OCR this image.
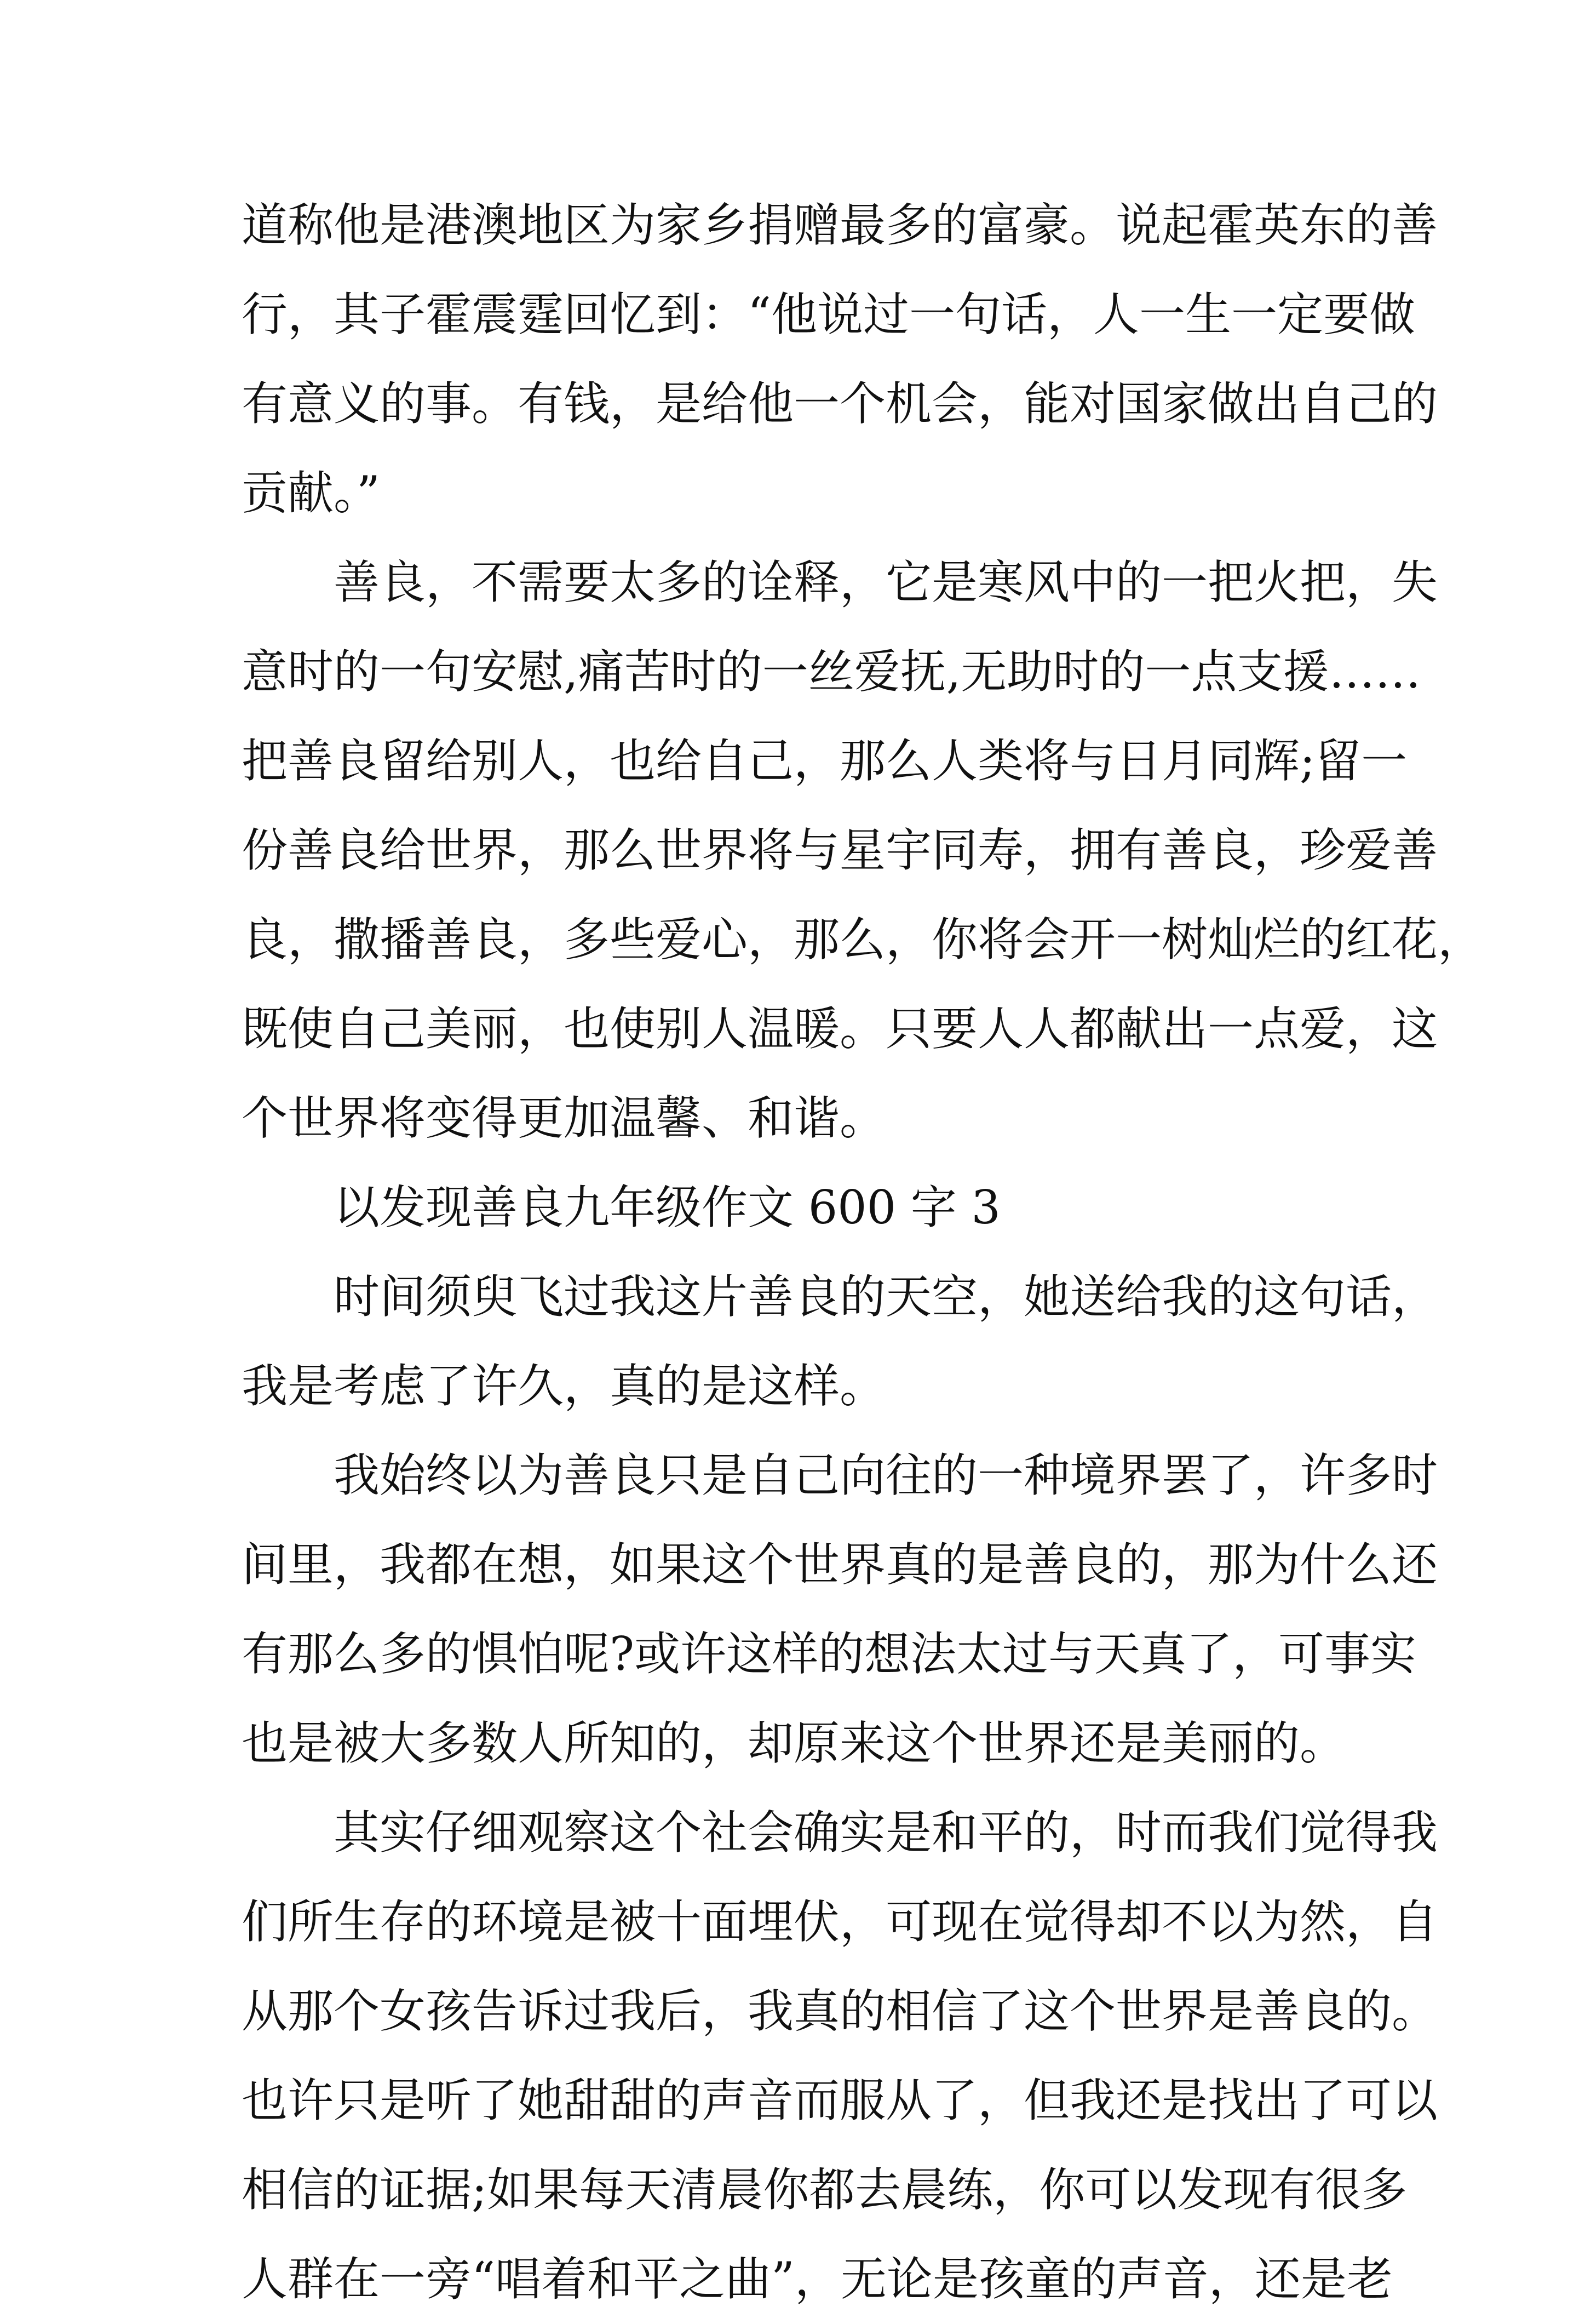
道称他是港澳地区为家乡捐赠最多的富豪。说起霍英东的善
行，其子霍震霆回忆到：“他说过一句话，人一生一定要做
有意义的事。有钱，是给他一个机会，能对国家做出自己的
贡献。”
善良，不需要太多的诠释，它是寒风中的一把火把，失
意时的一句安慰,痛苦时的一丝爱抚,无助时的一点支援……
把善良留给别人，也给自己，那么人类将与日月同辉;留一
份善良给世界，那么世界将与星宇同寿，拥有善良，珍爱善
良，撒播善良，多些爱心，那么，你将会开一树灿烂的红花，
既使自己美丽，也使别人温暖。只要人人都献出一点爱，这
个世界将变得更加温馨、和谐。
以发现善良九年级作文 600 字 3
时间须臾飞过我这片善良的天空，她送给我的这句话，
我是考虑了许久，真的是这样。
我始终以为善良只是自己向往的一种境界罢了，许多时
间里，我都在想，如果这个世界真的是善良的，那为什么还
有那么多的惧怕呢?或许这样的想法太过与天真了，可事实
也是被大多数人所知的，却原来这个世界还是美丽的。
其实仔细观察这个社会确实是和平的，时而我们觉得我
们所生存的环境是被十面埋伏，可现在觉得却不以为然，自
从那个女孩告诉过我后，我真的相信了这个世界是善良的。
也许只是听了她甜甜的声音而服从了，但我还是找出了可以
相信的证据;如果每天清晨你都去晨练，你可以发现有很多
人群在一旁“唱着和平之曲”，无论是孩童的声音，还是老
